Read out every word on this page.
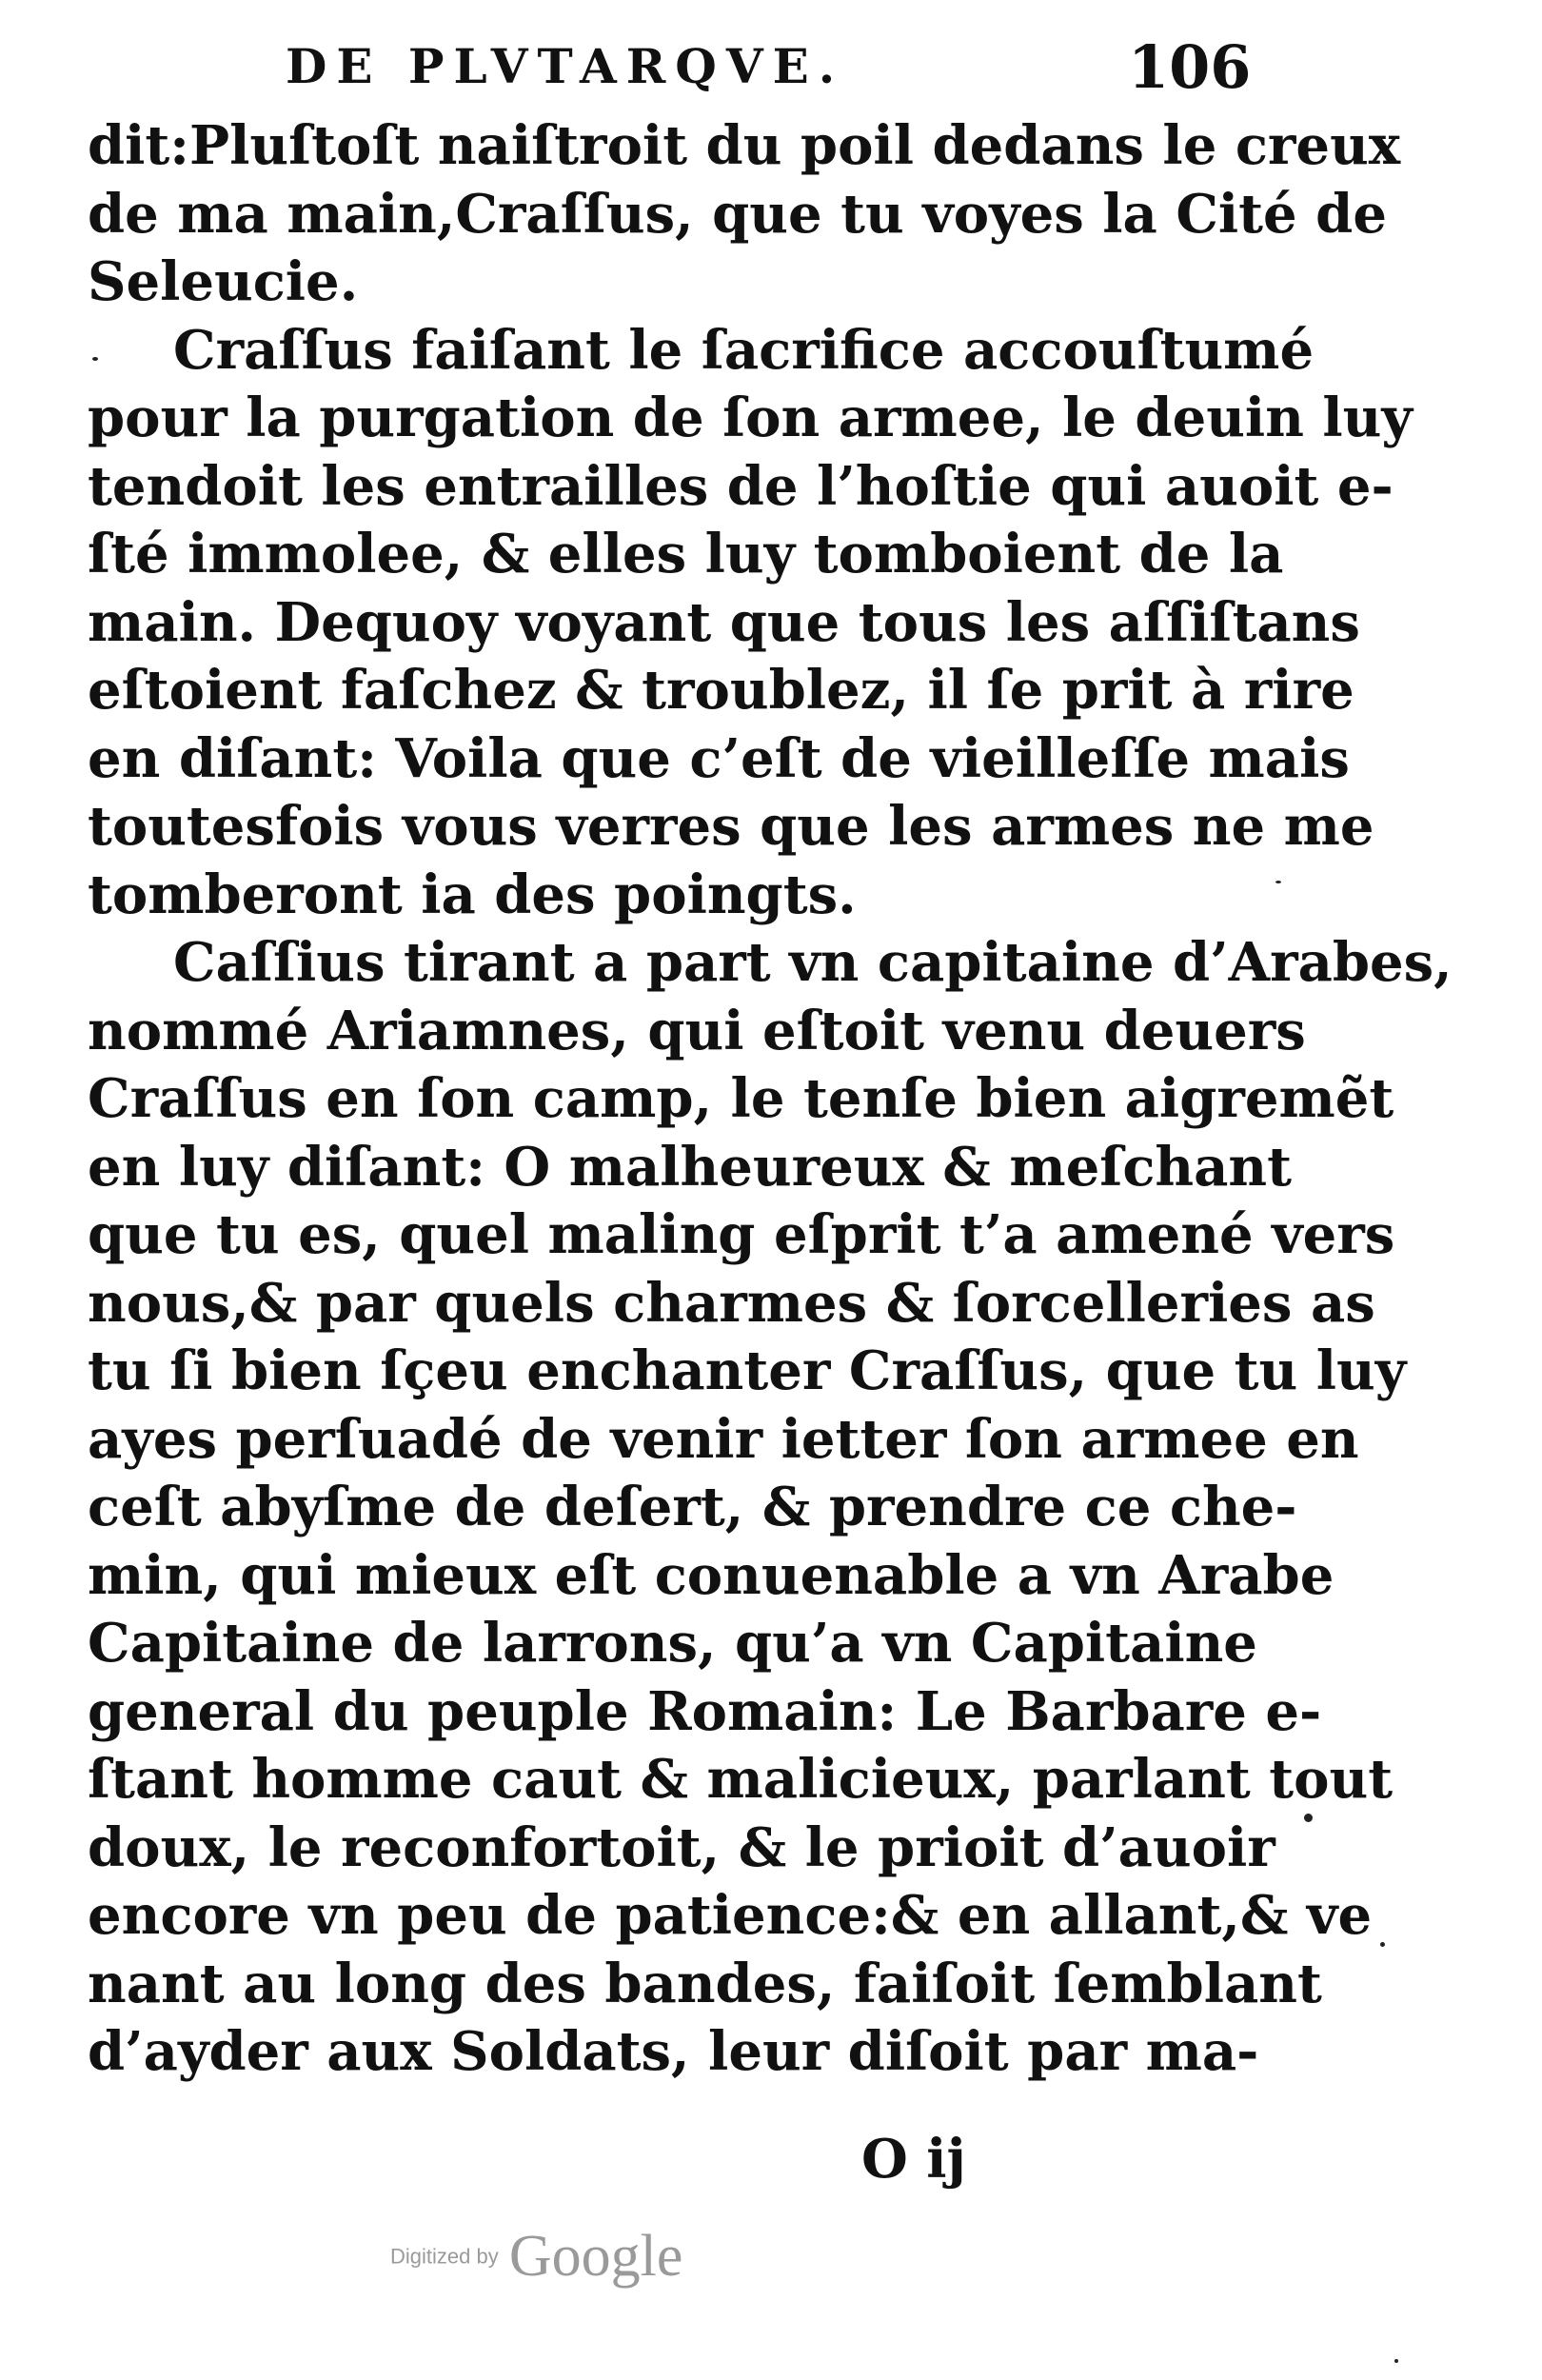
DE PLVTARQVE.	106
dit:Pluſtoſt naiſtroit du poil dedans le creux
de ma main,Craſſus, que tu voyes la Cité de
Seleucie.
Craſſus faiſant le ſacrifice accouſtumé
pour la purgation de ſon armee, le deuin luy
tendoit les entrailles de l’hoſtie qui auoit e-
ſté immolee, & elles luy tomboient de la
main. Dequoy voyant que tous les aſſiſtans
eſtoient faſchez & troublez, il ſe prit à rire
en diſant: Voila que c’eſt de vieilleſſe mais
toutesfois vous verres que les armes ne me
tomberont ia des poingts.
Caſſius tirant a part vn capitaine d’Arabes,
nommé Ariamnes, qui eſtoit venu deuers
Craſſus en ſon camp, le tenſe bien aigremẽt
en luy diſant: O malheureux & meſchant
que tu es, quel maling eſprit t’a amené vers
nous,& par quels charmes & ſorcelleries as
tu ſi bien ſçeu enchanter Craſſus, que tu luy
ayes perſuadé de venir ietter ſon armee en
ceſt abyſme de deſert, & prendre ce che-
min, qui mieux eſt conuenable a vn Arabe
Capitaine de larrons, qu’a vn Capitaine
general du peuple Romain: Le Barbare e-
ſtant homme caut & malicieux, parlant tout
doux, le reconfortoit, & le prioit d’auoir
encore vn peu de patience:& en allant,& ve
nant au long des bandes, faiſoit ſemblant
d’ayder aux Soldats, leur diſoit par ma-
O ij
Digitized by Google
